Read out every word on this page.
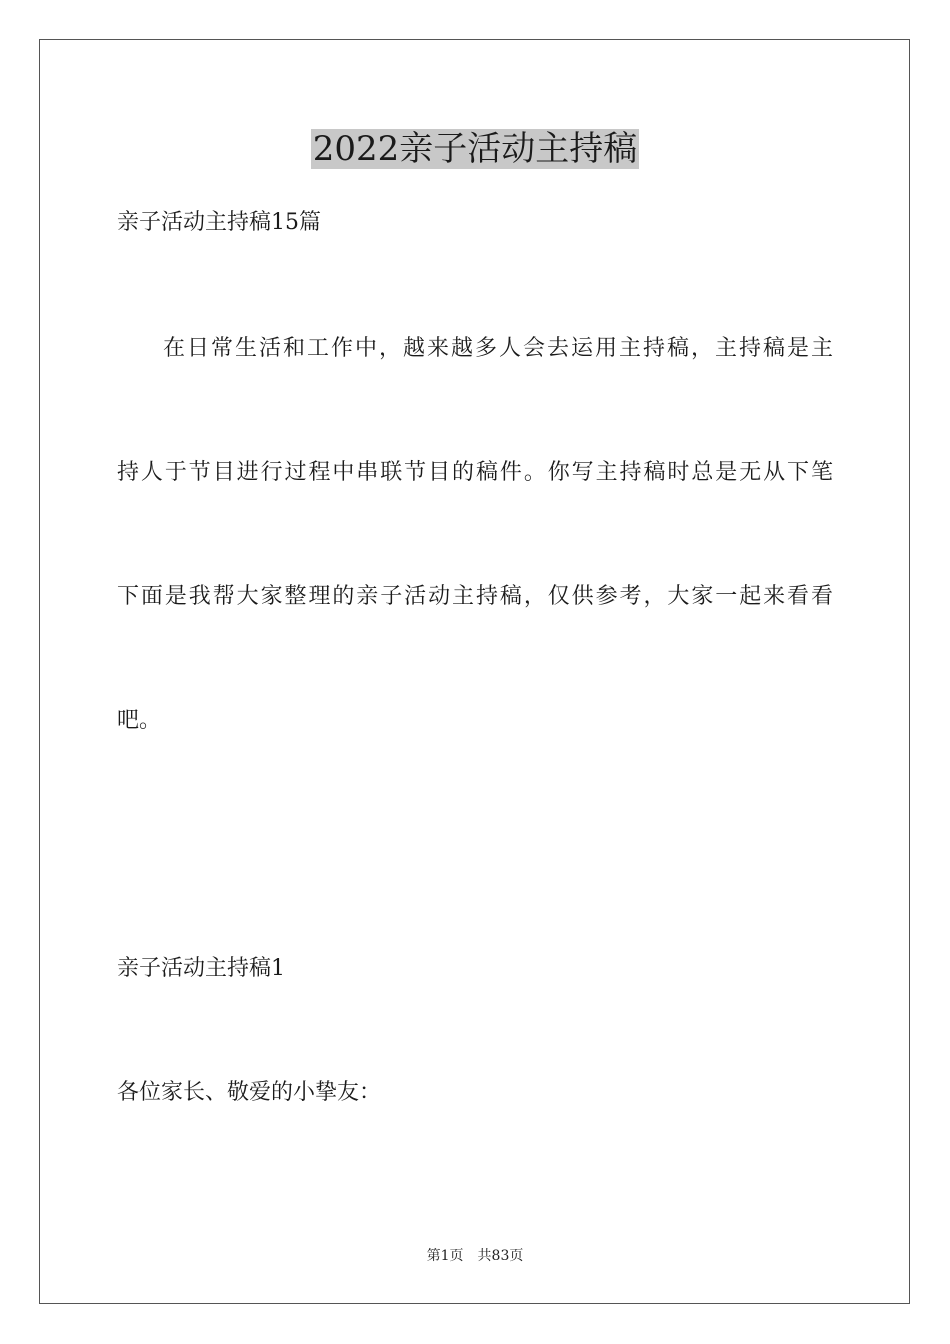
2022亲子活动主持稿

亲子活动主持稿15篇

在日常生活和工作中，越来越多人会去运用主持稿，主持稿是主

持人于节目进行过程中串联节目的稿件。你写主持稿时总是无从下笔

下面是我帮大家整理的亲子活动主持稿，仅供参考，大家一起来看看

吧。

亲子活动主持稿1

各位家长、敬爱的小挚友：

第1页　共83页
